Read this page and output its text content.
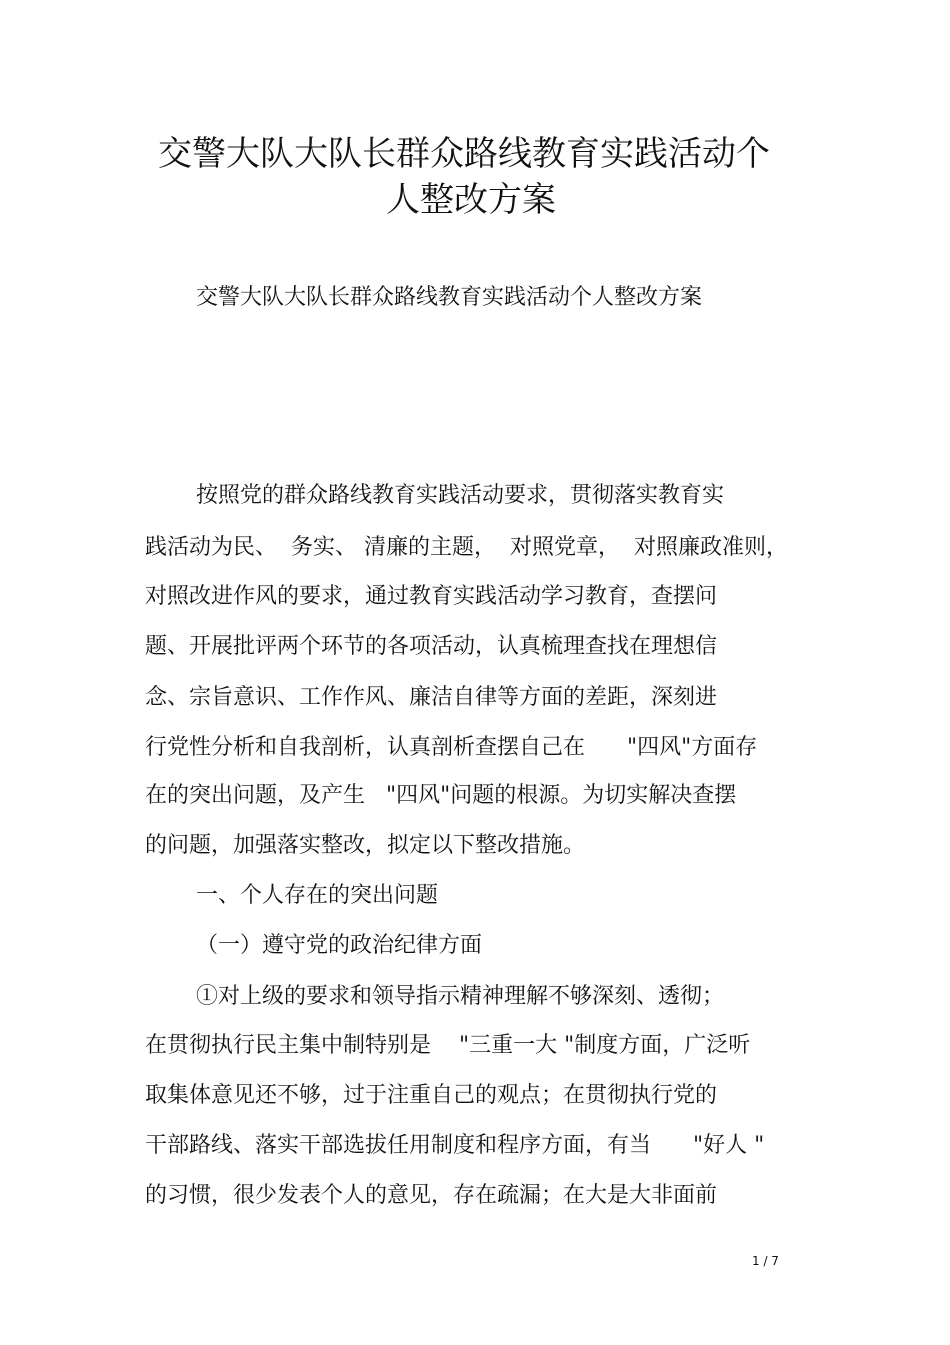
交警大队大队长群众路线教育实践活动个
人整改方案
交警大队大队长群众路线教育实践活动个人整改方案
按照党的群众路线教育实践活动要求，贯彻落实教育实
践活动为民、  务实、 清廉的主题，  对照党章，  对照廉政准则，
对照改进作风的要求，通过教育实践活动学习教育，查摆问
题、开展批评两个环节的各项活动，认真梳理查找在理想信
念、宗旨意识、工作作风、廉洁自律等方面的差距，深刻进
行党性分析和自我剖析，认真剖析查摆自己在      "四风"方面存
在的突出问题，及产生   "四风"问题的根源。为切实解决查摆
的问题，加强落实整改，拟定以下整改措施。
一、个人存在的突出问题
（一）遵守党的政治纪律方面
①对上级的要求和领导指示精神理解不够深刻、透彻；
在贯彻执行民主集中制特别是    "三重一大 "制度方面，广泛听
取集体意见还不够，过于注重自己的观点；在贯彻执行党的
干部路线、落实干部选拔任用制度和程序方面，有当      "好人 "
的习惯，很少发表个人的意见，存在疏漏；在大是大非面前
1 / 7
